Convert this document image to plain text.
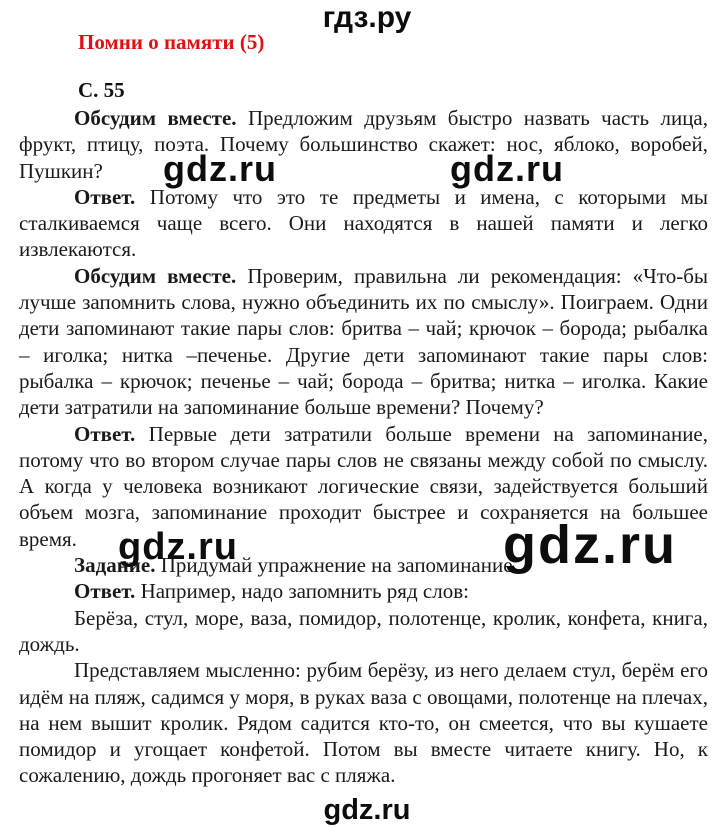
гдз.ру
Помни о памяти (5)
С. 55

Обсудим вместе. Предложим друзьям быстро назвать часть лица, фрукт, птицу, поэта. Почему большинство скажет: нос, яблоко, воробей, Пушкин?

Ответ. Потому что это те предметы и имена, с которыми мы сталкиваемся чаще всего. Они находятся в нашей памяти и легко извлекаются.

Обсудим вместе. Проверим, правильна ли рекомендация: «Что-бы лучше запомнить слова, нужно объединить их по смыслу». Поиграем. Одни дети запоминают такие пары слов: бритва – чай; крючок – борода; рыбалка – иголка; нитка –печенье. Другие дети запоминают такие пары слов: рыбалка – крючок; печенье – чай; борода – бритва; нитка – иголка. Какие дети затратили на запоминание больше времени? Почему?

Ответ. Первые дети затратили больше времени на запоминание, потому что во втором случае пары слов не связаны между собой по смыслу. А когда у человека возникают логические связи, задействуется больший объем мозга, запоминание проходит быстрее и сохраняется на большее время.

Задание. Придумай упражнение на запоминание.

Ответ. Например, надо запомнить ряд слов:

Берёза, стул, море, ваза, помидор, полотенце, кролик, конфета, книга, дождь.

Представляем мысленно: рубим берёзу, из него делаем стул, берём его идём на пляж, садимся у моря, в руках ваза с овощами, полотенце на плечах, на нем вышит кролик. Рядом садится кто-то, он смеется, что вы кушаете помидор и угощает конфетой. Потом вы вместе читаете книгу. Но, к сожалению, дождь прогоняет вас с пляжа.

gdz.ru	gdz.ru
gdz.ru	gdz.ru
gdz.ru
